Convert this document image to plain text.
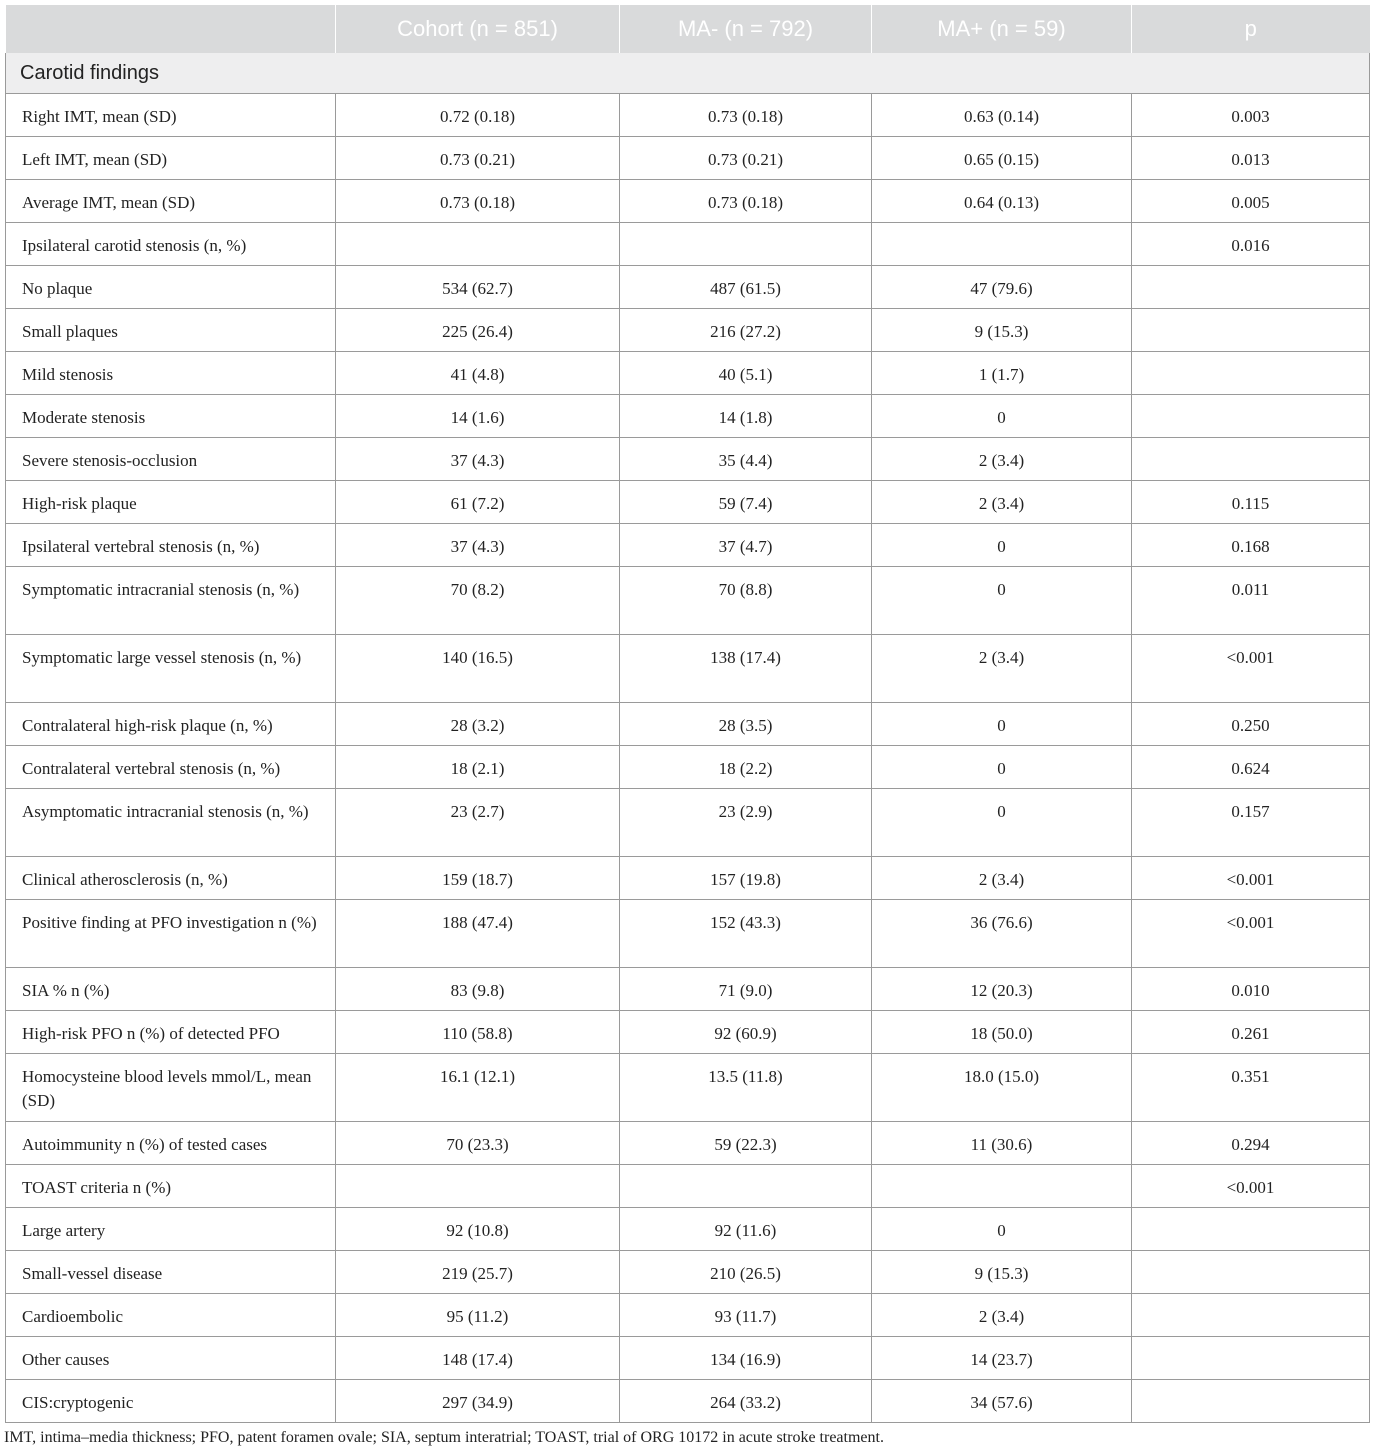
	Cohort (n = 851)	MA- (n = 792)	MA+ (n = 59)	p
Carotid findings				

Right IMT, mean (SD)	0.72 (0.18)	0.73 (0.18)	0.63 (0.14)	0.003

Left IMT, mean (SD)	0.73 (0.21)	0.73 (0.21)	0.65 (0.15)	0.013

Average IMT, mean (SD)	0.73 (0.18)	0.73 (0.18)	0.64 (0.13)	0.005

Ipsilateral carotid stenosis (n, %)				0.016

No plaque	534 (62.7)	487 (61.5)	47 (79.6)	

Small plaques	225 (26.4)	216 (27.2)	9 (15.3)	

Mild stenosis	41 (4.8)	40 (5.1)	1 (1.7)	

Moderate stenosis	14 (1.6)	14 (1.8)	0	

Severe stenosis-occlusion	37 (4.3)	35 (4.4)	2 (3.4)	

High-risk plaque	61 (7.2)	59 (7.4)	2 (3.4)	0.115

Ipsilateral vertebral stenosis (n, %)	37 (4.3)	37 (4.7)	0	0.168

Symptomatic intracranial stenosis (n, %)	70 (8.2)	70 (8.8)	0	0.011

Symptomatic large vessel stenosis (n, %)	140 (16.5)	138 (17.4)	2 (3.4)	<0.001

Contralateral high-risk plaque (n, %)	28 (3.2)	28 (3.5)	0	0.250

Contralateral vertebral stenosis (n, %)	18 (2.1)	18 (2.2)	0	0.624

Asymptomatic intracranial stenosis (n, %)	23 (2.7)	23 (2.9)	0	0.157

Clinical atherosclerosis (n, %)	159 (18.7)	157 (19.8)	2 (3.4)	<0.001

Positive finding at PFO investigation n (%)	188 (47.4)	152 (43.3)	36 (76.6)	<0.001

SIA % n (%)	83 (9.8)	71 (9.0)	12 (20.3)	0.010

High-risk PFO n (%) of detected PFO	110 (58.8)	92 (60.9)	18 (50.0)	0.261

Homocysteine blood levels mmol/L, mean (SD)	16.1 (12.1)	13.5 (11.8)	18.0 (15.0)	0.351

Autoimmunity n (%) of tested cases	70 (23.3)	59 (22.3)	11 (30.6)	0.294

TOAST criteria n (%)				<0.001

Large artery	92 (10.8)	92 (11.6)	0	

Small-vessel disease	219 (25.7)	210 (26.5)	9 (15.3)	

Cardioembolic	95 (11.2)	93 (11.7)	2 (3.4)	

Other causes	148 (17.4)	134 (16.9)	14 (23.7)	

CIS:cryptogenic	297 (34.9)	264 (33.2)	34 (57.6)	

IMT, intima–media thickness; PFO, patent foramen ovale; SIA, septum interatrial; TOAST, trial of ORG 10172 in acute stroke treatment.
